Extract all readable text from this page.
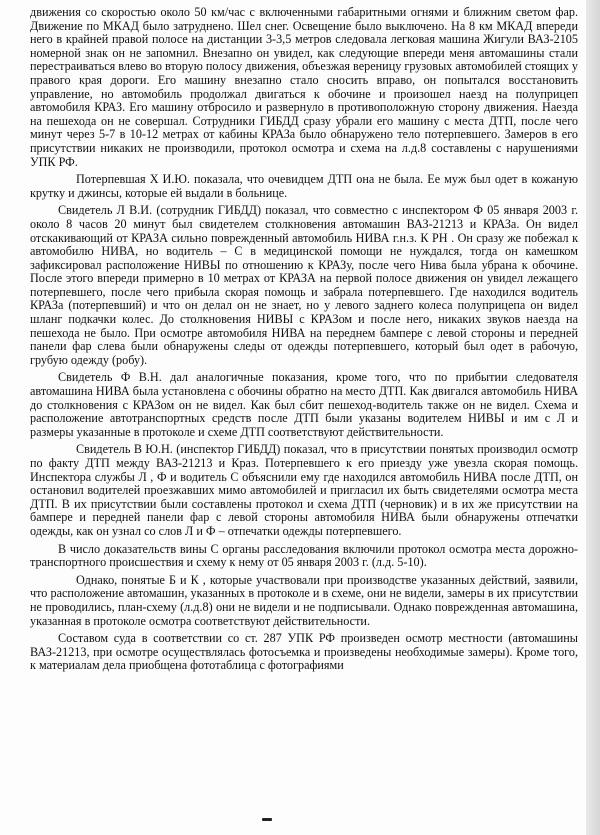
движения со скоростью около 50 км/час с включенными габаритными огнями и ближним светом фар. Движение по МКАД было затруднено. Шел снег. Освещение было выключено. На 8 км МКАД впереди него в крайней правой полосе на дистанции 3-3,5 метров следовала легковая машина Жигули ВАЗ-2105 номерной знак он не запомнил. Внезапно он увидел, как следующие впереди меня автомашины стали перестраиваться влево во вторую полосу движения, объезжая вереницу грузовых автомобилей стоящих у правого края дороги. Его машину внезапно стало сносить вправо, он попытался восстановить управление, но автомобиль продолжал двигаться к обочине и произошел наезд на полуприцеп автомобиля КРАЗ. Его машину отбросило и развернуло в противоположную сторону движения. Наезда на пешехода он не совершал. Сотрудники ГИБДД сразу убрали его машину с места ДТП, после чего минут через 5-7 в 10-12 метрах от кабины КРАЗа было обнаружено тело потерпевшего. Замеров в его присутствии никаких не производили, протокол осмотра и схема на л.д.8 составлены с нарушениями УПК РФ.

Потерпевшая Х И.Ю. показала, что очевидцем ДТП она не была. Ее муж был одет в кожаную крутку и джинсы, которые ей выдали в больнице.

Свидетель Л В.И. (сотрудник ГИБДД) показал, что совместно с инспектором Ф 05 января 2003 г. около 8 часов 20 минут был свидетелем столкновения автомашин ВАЗ-21213 и КРАЗа. Он видел отскакивающий от КРАЗА сильно поврежденный автомобиль НИВА г.н.з. К РН . Он сразу же побежал к автомобилю НИВА, но водитель – С в медицинской помощи не нуждался, тогда он камешком зафиксировал расположение НИВЫ по отношению к КРАЗу, после чего Нива была убрана к обочине. После этого впереди примерно в 10 метрах от КРАЗА на первой полосе движения он увидел лежащего потерпевшего, после чего прибыла скорая помощь и забрала потерпевшего. Где находился водитель КРАЗа (потерпевший) и что он делал он не знает, но у левого заднего колеса полуприцепа он видел шланг подкачки колес. До столкновения НИВЫ с КРАЗом и после него, никаких звуков наезда на пешехода не было. При осмотре автомобиля НИВА на переднем бампере с левой стороны и передней панели фар слева были обнаружены следы от одежды потерпевшего, который был одет в рабочую, грубую одежду (робу).

Свидетель Ф В.Н. дал аналогичные показания, кроме того, что по прибытии следователя автомашина НИВА была установлена с обочины обратно на место ДТП. Как двигался автомобиль НИВА до столкновения с КРАЗом он не видел. Как был сбит пешеход-водитель также он не видел. Схема и расположение автотранспортных средств после ДТП были указаны водителем НИВЫ и им с Л и размеры указанные в протоколе и схеме ДТП соответствуют действительности.

Свидетель В Ю.Н. (инспектор ГИБДД) показал, что в присутствии понятых производил осмотр по факту ДТП между ВАЗ-21213 и Краз. Потерпевшего к его приезду уже увезла скорая помощь. Инспектора службы Л , Ф и водитель С объяснили ему где находился автомобиль НИВА после ДТП, он остановил водителей проезжавших мимо автомобилей и пригласил их быть свидетелями осмотра места ДТП. В их присутствии были составлены протокол и схема ДТП (черновик) и в их же присутствии на бампере и передней панели фар с левой стороны автомобиля НИВА были обнаружены отпечатки одежды, как он узнал со слов Л и Ф – отпечатки одежды потерпевшего.

В число доказательств вины С органы расследования включили протокол осмотра места дорожно-транспортного происшествия и схему к нему от 05 января 2003 г. (л.д. 5-10).

Однако, понятые Б и К , которые участвовали при производстве указанных действий, заявили, что расположение автомашин, указанных в протоколе и в схеме, они не видели, замеры в их присутствии не проводились, план-схему (л.д.8) они не видели и не подписывали. Однако поврежденная автомашина, указанная в протоколе осмотра соответствуют действительности.

Составом суда в соответствии со ст. 287 УПК РФ произведен осмотр местности (автомашины ВАЗ-21213, при осмотре осуществлялась фотосъемка и произведены необходимые замеры). Кроме того, к материалам дела приобщена фототаблица с фотографиями
